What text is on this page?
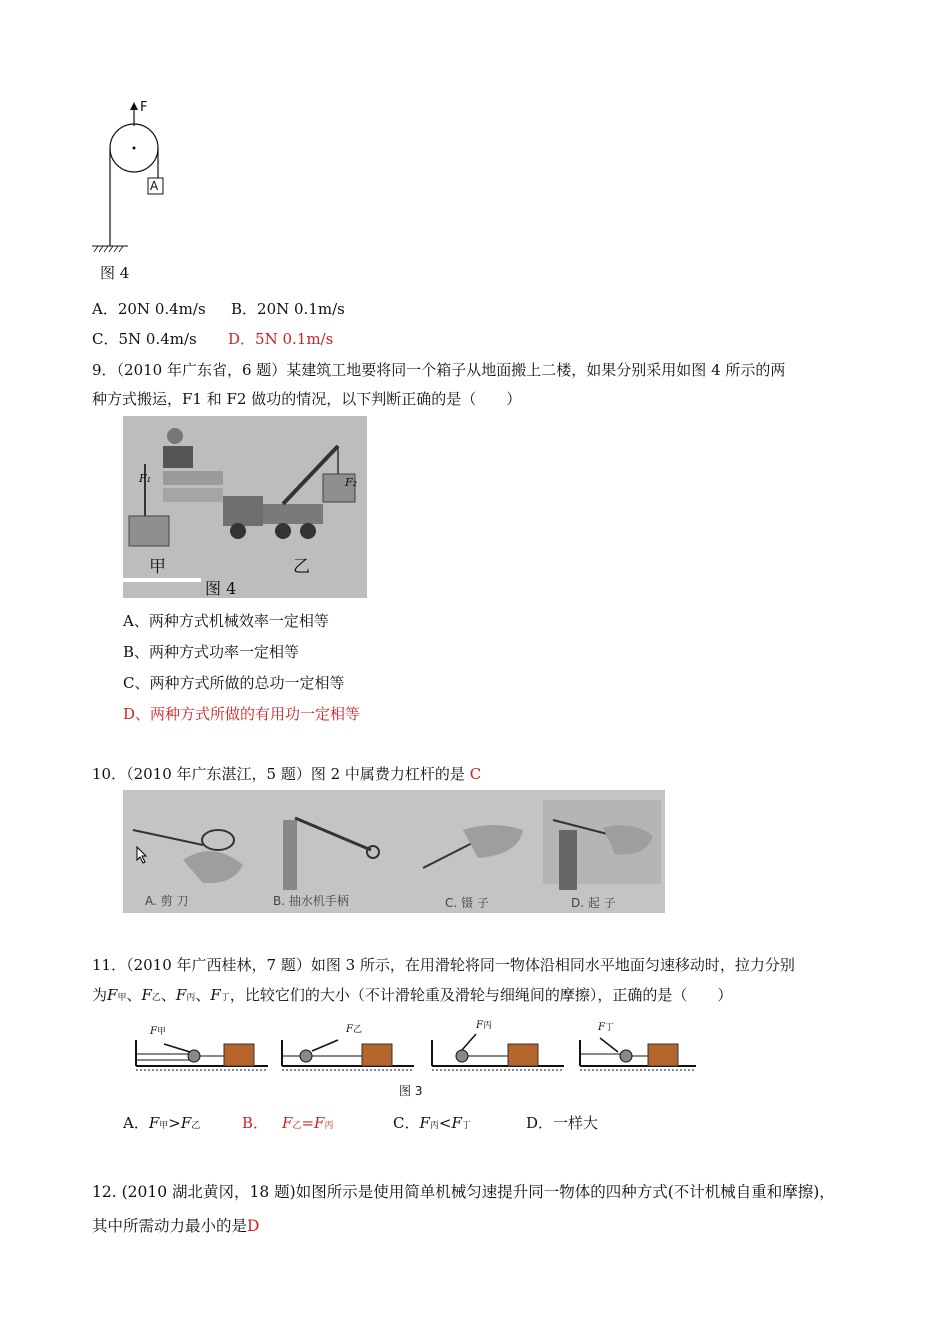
F
A
图 4
A．20N 0.4m/s B．20N 0.1m/s
C．5N 0.4m/s D．5N 0.1m/s
9．（2010 年广东省，6 题）某建筑工地要将同一个箱子从地面搬上二楼，如果分别采用如图 4 所示的两
种方式搬运，F1 和 F2 做功的情况，以下判断正确的是（　　）
F₁	F₂
甲	乙
图 4
A、两种方式机械效率一定相等
B、两种方式功率一定相等
C、两种方式所做的总功一定相等
D、两种方式所做的有用功一定相等
10．（2010 年广东湛江，5 题）图 2 中属费力杠杆的是 C
A. 剪 刀	B. 抽水机手柄	C. 镊 子	D. 起 子
11．（2010 年广西桂林，7 题）如图 3 所示，在用滑轮将同一物体沿相同水平地面匀速移动时，拉力分别
为F甲、F乙、F丙、F丁，比较它们的大小（不计滑轮重及滑轮与细绳间的摩擦），正确的是（　　）
F甲	F乙	F丙	F丁
图 3
A．F甲>F乙	B． F乙=F丙	C．F丙<F丁	D．一样大
12. (2010 湖北黄冈，18 题)如图所示是使用简单机械匀速提升同一物体的四种方式(不计机械自重和摩擦)，
其中所需动力最小的是D
